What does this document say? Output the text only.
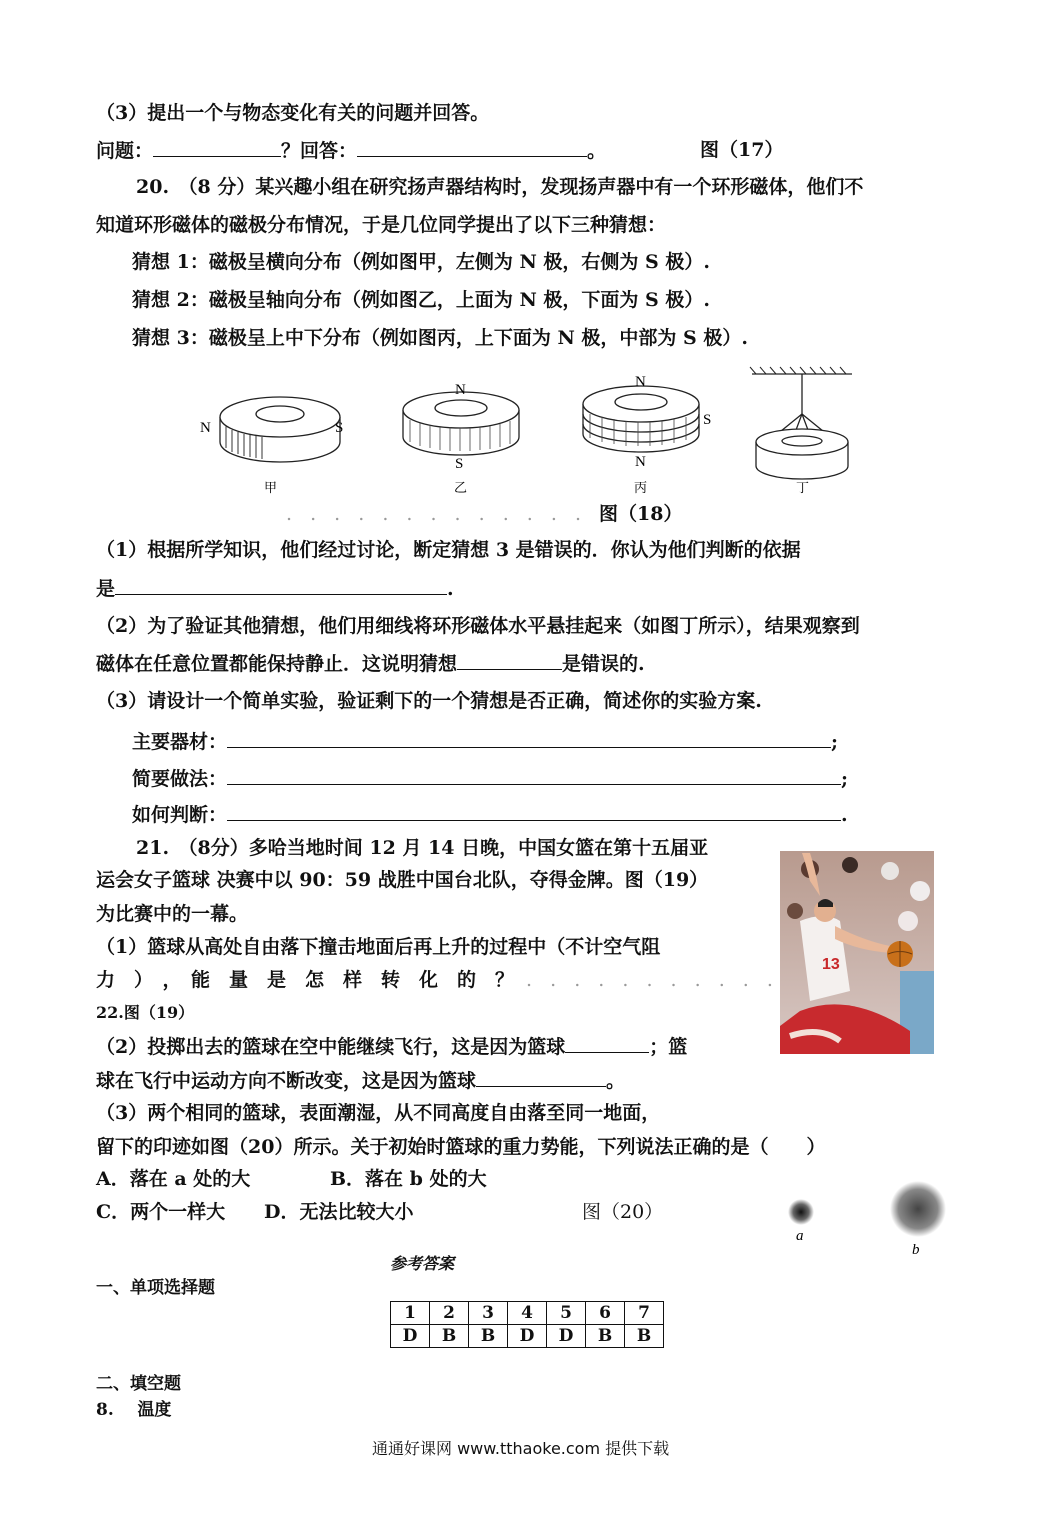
（3）提出一个与物态变化有关的问题并回答。
问题：	？回答：	。	图（17）
20.　（8 分）某兴趣小组在研究扬声器结构时，发现扬声器中有一个环形磁体，他们不
知道环形磁体的磁极分布情况，于是几位同学提出了以下三种猜想：
猜想 1：磁极呈横向分布（例如图甲，左侧为 N 极，右侧为 S 极）.
猜想 2：磁极呈轴向分布（例如图乙，上面为 N 极，下面为 S 极）.
猜想 3：磁极呈上中下分布（例如图丙，上下面为 N 极，中部为 S 极）.
N	S
甲
N
S
乙
N
S
N
丙	丁
. . . . . . . . . . . . . 图（18）
（1）根据所学知识，他们经过讨论，断定猜想 3 是错误的．你认为他们判断的依据
是	.
（2）为了验证其他猜想，他们用细线将环形磁体水平悬挂起来（如图丁所示），结果观察到
磁体在任意位置都能保持静止．这说明猜想	是错误的.
（3）请设计一个简单实验，验证剩下的一个猜想是否正确，简述你的实验方案.
主要器材：	;
简要做法：	;
如何判断：	.
21.　（8分）多哈当地时间 12 月 14 日晚，中国女篮在第十五届亚
运会女子篮球 决赛中以 90：59 战胜中国台北队，夺得金牌。图（19）
为比赛中的一幕。
（1）篮球从高处自由落下撞击地面后再上升的过程中（不计空气阻
力　）　，　能　量　是　怎　样　转　化　的　？ . . . . . . . . . . .
22.图（19）
（2）投掷出去的篮球在空中能继续飞行，这是因为篮球	；篮
球在飞行中运动方向不断改变，这是因为篮球	。
（3）两个相同的篮球，表面潮湿，从不同高度自由落至同一地面，
留下的印迹如图（20）所示。关于初始时篮球的重力势能，下列说法正确的是（　　）
A．落在 a 处的大	B．落在 b 处的大
C．两个一样大 D．无法比较大小	图（20）
13
a
b
参考答案
一、单项选择题
1	2	3	4	5	6	7
D	B	B	D	D	B	B
二、填空题
8. 温度
通通好课网 www.tthaoke.com 提供下载
